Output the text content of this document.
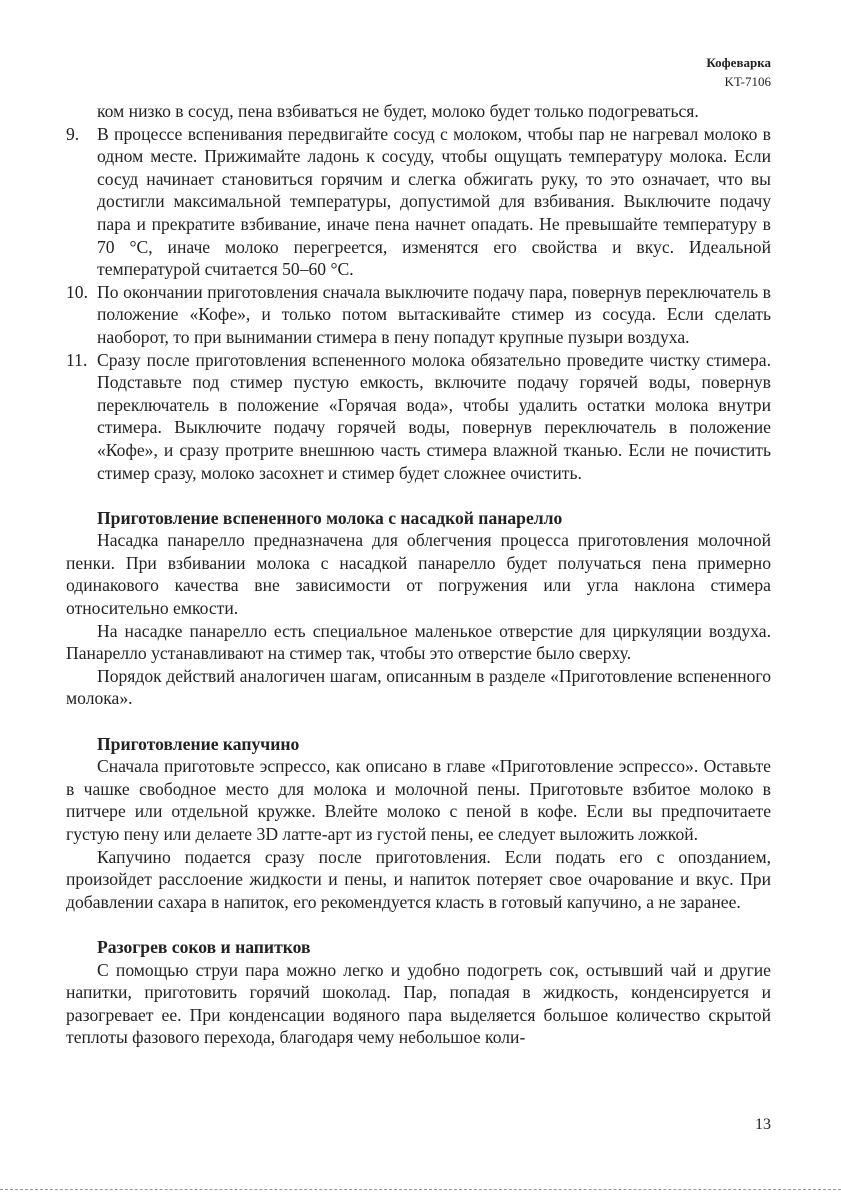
Кофеварка
KT-7106
ком низко в сосуд, пена взбиваться не будет, молоко будет только подогреваться.
9. В процессе вспенивания передвигайте сосуд с молоком, чтобы пар не нагревал молоко в одном месте. Прижимайте ладонь к сосуду, чтобы ощущать температуру молока. Если сосуд начинает становиться горячим и слегка обжигать руку, то это означает, что вы достигли максимальной температуры, допустимой для взбивания. Выключите подачу пара и прекратите взбивание, иначе пена начнет опадать. Не превышайте температуру в 70 °C, иначе молоко перегреется, изменятся его свойства и вкус. Идеальной температурой считается 50–60 °C.
10. По окончании приготовления сначала выключите подачу пара, повернув переключатель в положение «Кофе», и только потом вытаскивайте стимер из сосуда. Если сделать наоборот, то при вынимании стимера в пену попадут крупные пузыри воздуха.
11. Сразу после приготовления вспененного молока обязательно проведите чистку стимера. Подставьте под стимер пустую емкость, включите подачу горячей воды, повернув переключатель в положение «Горячая вода», чтобы удалить остатки молока внутри стимера. Выключите подачу горячей воды, повернув переключатель в положение «Кофе», и сразу протрите внешнюю часть стимера влажной тканью. Если не почистить стимер сразу, молоко засохнет и стимер будет сложнее очистить.
Приготовление вспененного молока с насадкой панарелло

Насадка панарелло предназначена для облегчения процесса приготовления молочной пенки. При взбивании молока с насадкой панарелло будет получаться пена примерно одинакового качества вне зависимости от погружения или угла наклона стимера относительно емкости.

На насадке панарелло есть специальное маленькое отверстие для циркуляции воздуха. Панарелло устанавливают на стимер так, чтобы это отверстие было сверху.

Порядок действий аналогичен шагам, описанным в разделе «Приготовление вспененного молока».

Приготовление капучино

Сначала приготовьте эспрессо, как описано в главе «Приготовление эспрессо». Оставьте в чашке свободное место для молока и молочной пены. Приготовьте взбитое молоко в питчере или отдельной кружке. Влейте молоко с пеной в кофе. Если вы предпочитаете густую пену или делаете 3D латте-арт из густой пены, ее следует выложить ложкой.

Капучино подается сразу после приготовления. Если подать его с опозданием, произойдет расслоение жидкости и пены, и напиток потеряет свое очарование и вкус. При добавлении сахара в напиток, его рекомендуется класть в готовый капучино, а не заранее.

Разогрев соков и напитков

С помощью струи пара можно легко и удобно подогреть сок, остывший чай и другие напитки, приготовить горячий шоколад. Пар, попадая в жидкость, конденсируется и разогревает ее. При конденсации водяного пара выделяется большое количество скрытой теплоты фазового перехода, благодаря чему небольшое коли-

13
